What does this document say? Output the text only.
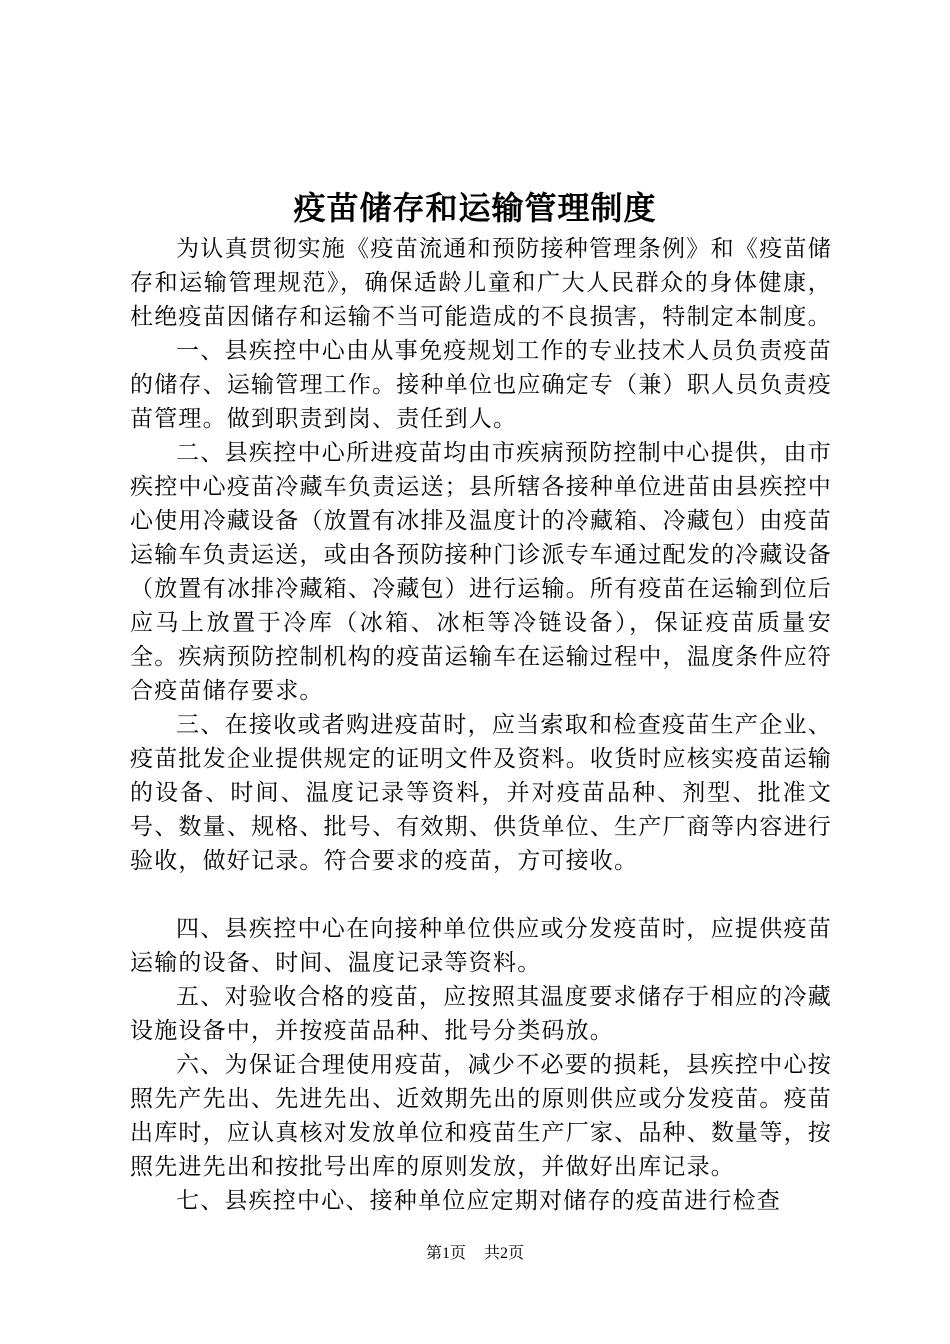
疫苗储存和运输管理制度

为认真贯彻实施《疫苗流通和预防接种管理条例》和《疫苗储存和运输管理规范》，确保适龄儿童和广大人民群众的身体健康，杜绝疫苗因储存和运输不当可能造成的不良损害，特制定本制度。

一、县疾控中心由从事免疫规划工作的专业技术人员负责疫苗的储存、运输管理工作。接种单位也应确定专（兼）职人员负责疫苗管理。做到职责到岗、责任到人。

二、县疾控中心所进疫苗均由市疾病预防控制中心提供，由市疾控中心疫苗冷藏车负责运送；县所辖各接种单位进苗由县疾控中心使用冷藏设备（放置有冰排及温度计的冷藏箱、冷藏包）由疫苗运输车负责运送，或由各预防接种门诊派专车通过配发的冷藏设备（放置有冰排冷藏箱、冷藏包）进行运输。所有疫苗在运输到位后应马上放置于冷库（冰箱、冰柜等冷链设备），保证疫苗质量安全。疾病预防控制机构的疫苗运输车在运输过程中，温度条件应符合疫苗储存要求。

三、在接收或者购进疫苗时，应当索取和检查疫苗生产企业、疫苗批发企业提供规定的证明文件及资料。收货时应核实疫苗运输的设备、时间、温度记录等资料，并对疫苗品种、剂型、批准文号、数量、规格、批号、有效期、供货单位、生产厂商等内容进行验收，做好记录。符合要求的疫苗，方可接收。

四、县疾控中心在向接种单位供应或分发疫苗时，应提供疫苗运输的设备、时间、温度记录等资料。

五、对验收合格的疫苗，应按照其温度要求储存于相应的冷藏设施设备中，并按疫苗品种、批号分类码放。

六、为保证合理使用疫苗，减少不必要的损耗，县疾控中心按照先产先出、先进先出、近效期先出的原则供应或分发疫苗。疫苗出库时，应认真核对发放单位和疫苗生产厂家、品种、数量等，按照先进先出和按批号出库的原则发放，并做好出库记录。

七、县疾控中心、接种单位应定期对储存的疫苗进行检查

第1页 共2页
